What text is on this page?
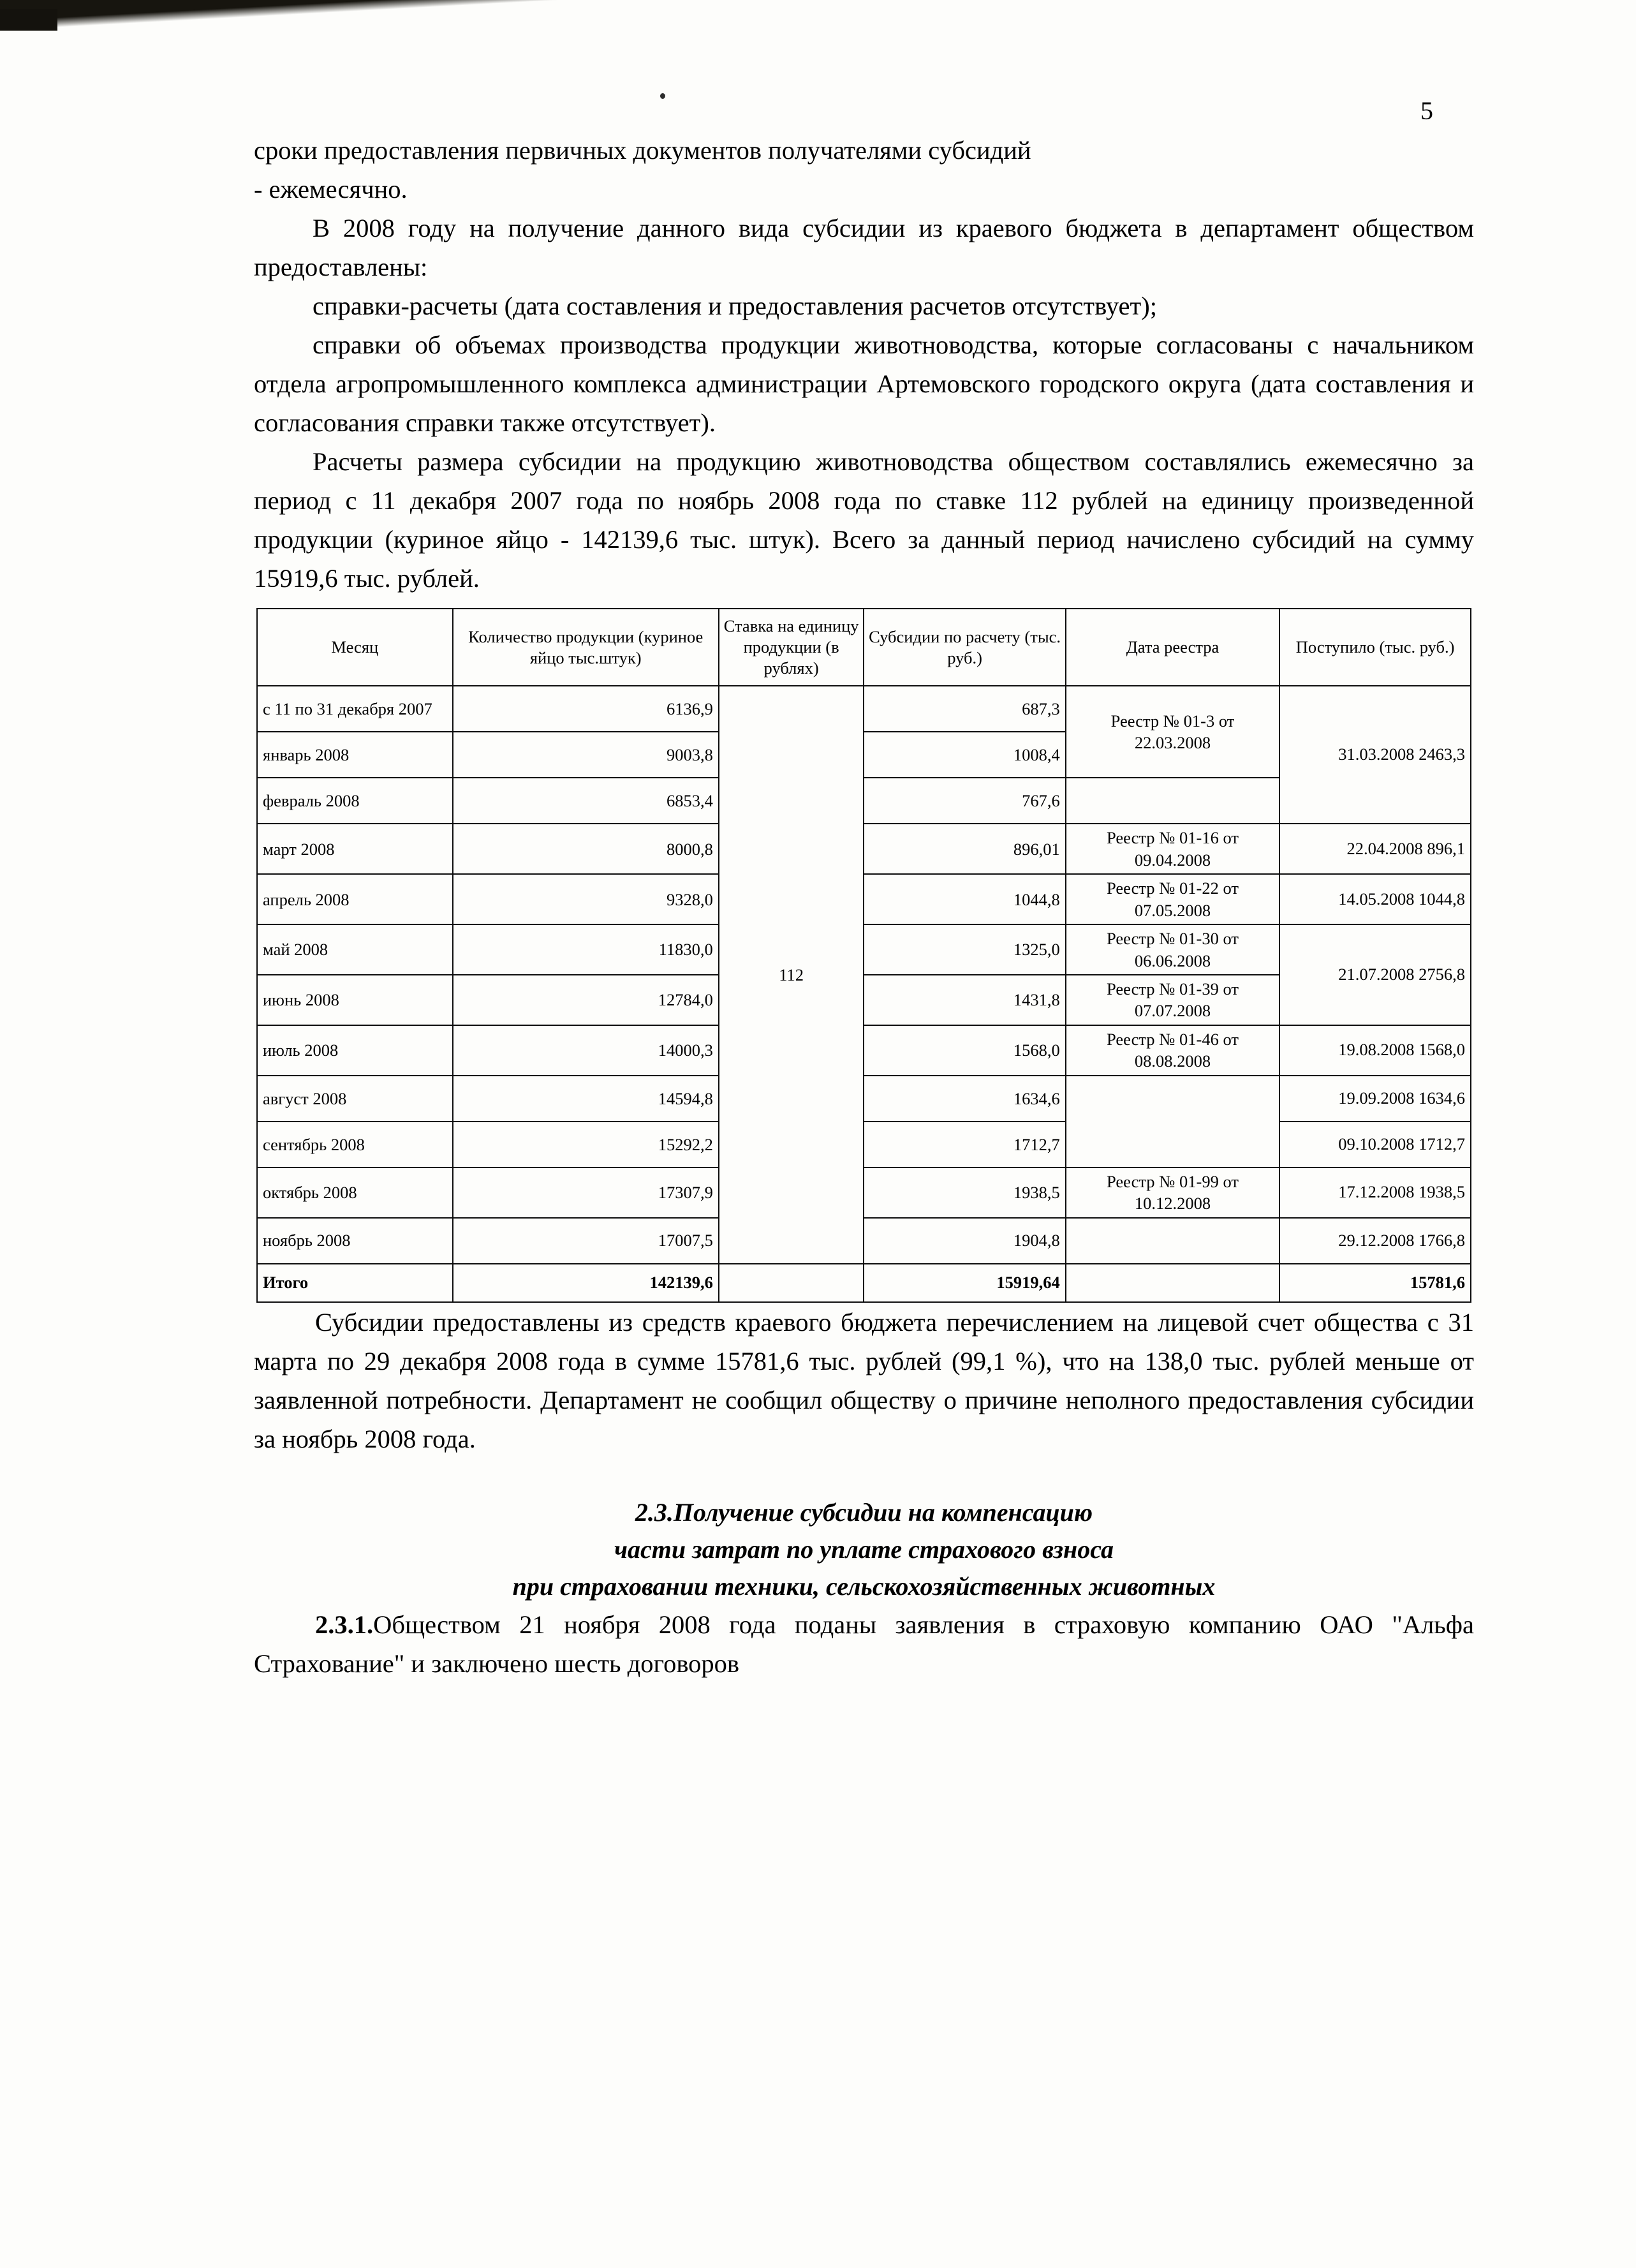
5

сроки предоставления первичных документов получателями субсидий

- ежемесячно.

В 2008 году на получение данного вида субсидии из краевого бюджета в департамент обществом предоставлены:

справки-расчеты (дата составления и предоставления расчетов отсутствует);

справки об объемах производства продукции животноводства, которые согласованы с начальником отдела агропромышленного комплекса администрации Артемовского городского округа (дата составления и согласования справки также отсутствует).

Расчеты размера субсидии на продукцию животноводства обществом составлялись ежемесячно за период с 11 декабря 2007 года по ноябрь 2008 года по ставке 112 рублей на единицу произведенной продукции (куриное яйцо - 142139,6 тыс. штук). Всего за данный период начислено субсидий на сумму 15919,6 тыс. рублей.

Месяц	Количество продукции (куриное яйцо тыс.штук)	Ставка на единицу продукции (в рублях)	Субсидии по расчету (тыс. руб.)	Дата реестра	Поступило (тыс. руб.)
с 11 по 31 декабря 2007	6136,9	112	687,3	Реестр № 01-3 от 22.03.2008	31.03.2008 2463,3
январь 2008	9003,8		1008,4		
февраль 2008	6853,4		767,6		
март 2008	8000,8		896,01	Реестр № 01-16 от 09.04.2008	22.04.2008 896,1
апрель 2008	9328,0		1044,8	Реестр № 01-22 от 07.05.2008	14.05.2008 1044,8
май 2008	11830,0		1325,0	Реестр № 01-30 от 06.06.2008	21.07.2008 2756,8
июнь 2008	12784,0		1431,8	Реестр № 01-39 от 07.07.2008	
июль 2008	14000,3		1568,0	Реестр № 01-46 от 08.08.2008	19.08.2008 1568,0
август 2008	14594,8		1634,6		19.09.2008 1634,6
сентябрь 2008	15292,2		1712,7		09.10.2008 1712,7
октябрь 2008	17307,9		1938,5	Реестр № 01-99 от 10.12.2008	17.12.2008 1938,5
ноябрь 2008	17007,5		1904,8		29.12.2008 1766,8
Итого	142139,6		15919,64		15781,6

Субсидии предоставлены из средств краевого бюджета перечислением на лицевой счет общества с 31 марта по 29 декабря 2008 года в сумме 15781,6 тыс. рублей (99,1 %), что на 138,0 тыс. рублей меньше от заявленной потребности. Департамент не сообщил обществу о причине неполного предоставления субсидии за ноябрь 2008 года.

2.3.Получение субсидии на компенсацию
части затрат по уплате страхового взноса
при страховании техники, сельскохозяйственных животных

2.3.1.Обществом 21 ноября 2008 года поданы заявления в страховую компанию ОАО "Альфа Страхование" и заключено шесть договоров
